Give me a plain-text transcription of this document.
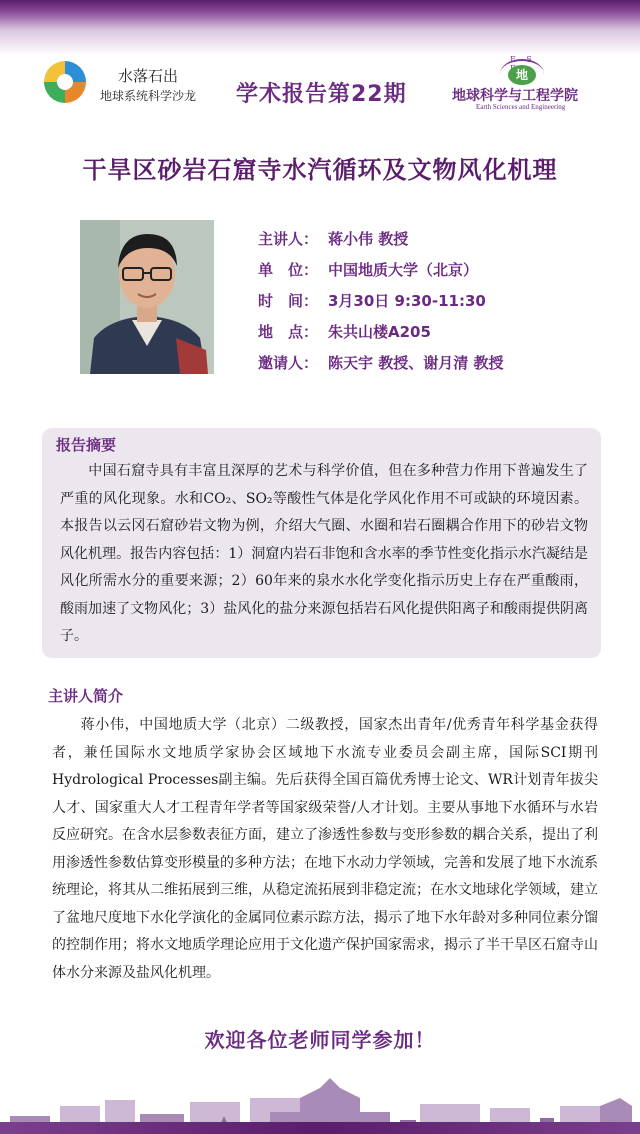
水落石出
地球系统科学沙龙 学术报告第22期
E S
地
地球科学与工程学院
Earth Sciences and Engineering
干旱区砂岩石窟寺水汽循环及文物风化机理
主讲人： 蒋小伟 教授
单　位： 中国地质大学（北京）
时　间： 3月30日 9:30-11:30
地　点： 朱共山楼A205
邀请人： 陈天宇 教授、谢月清 教授
报告摘要
中国石窟寺具有丰富且深厚的艺术与科学价值，但在多种营力作用下普遍发生了严重的风化现象。水和CO₂、SO₂等酸性气体是化学风化作用不可或缺的环境因素。本报告以云冈石窟砂岩文物为例，介绍大气圈、水圈和岩石圈耦合作用下的砂岩文物风化机理。报告内容包括：1）洞窟内岩石非饱和含水率的季节性变化指示水汽凝结是风化所需水分的重要来源；2）60年来的泉水水化学变化指示历史上存在严重酸雨，酸雨加速了文物风化；3）盐风化的盐分来源包括岩石风化提供阳离子和酸雨提供阴离子。
主讲人简介
蒋小伟，中国地质大学（北京）二级教授，国家杰出青年/优秀青年科学基金获得者，兼任国际水文地质学家协会区域地下水流专业委员会副主席，国际SCI期刊Hydrological Processes副主编。先后获得全国百篇优秀博士论文、WR计划青年拔尖人才、国家重大人才工程青年学者等国家级荣誉/人才计划。主要从事地下水循环与水岩反应研究。在含水层参数表征方面，建立了渗透性参数与变形参数的耦合关系，提出了利用渗透性参数估算变形模量的多种方法；在地下水动力学领域，完善和发展了地下水流系统理论，将其从二维拓展到三维，从稳定流拓展到非稳定流；在水文地球化学领域，建立了盆地尺度地下水化学演化的金属同位素示踪方法，揭示了地下水年龄对多种同位素分馏的控制作用；将水文地质学理论应用于文化遗产保护国家需求，揭示了半干旱区石窟寺山体水分来源及盐风化机理。
欢迎各位老师同学参加！
